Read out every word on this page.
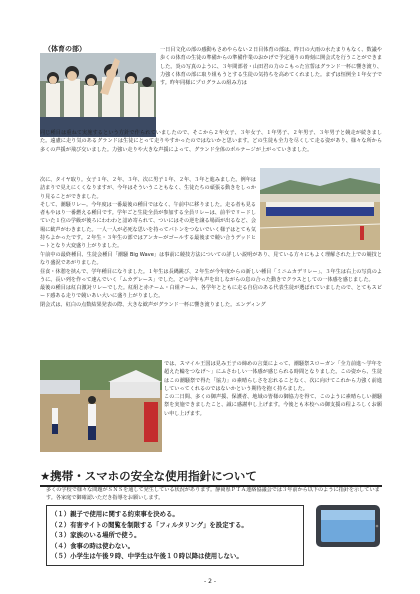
（体育の部）	一日目文化の部の感動もさめやらない２日目体育の部は、昨日の大雨の水たまりもなく、数議や歩くの体育の生徒の準備からの準備作業のおかげで予定通りの時刻に開会式を行うことができました。炎の写真のように、３年間部者・山田君の力のこもった宣誓はグランド一杯に響き渡り、力強く体育の部に取り組もうとする生徒の気持ちを高めてくれました。まずは恒例全１年女子です。昨年同様にプログラムの組み方は
同じ種目は重ねて実施するという方針で作られていましたので、そこから２年女子、３年女子、１年男子、２年男子、３年男子と競走が続きました。遠慮に走り気のあるグランドは生徒にとって走りやすかったのではないかと思います。どの生徒も全力を尽くして走る姿があり、様々な所から多くの声援が飛び交いました。力強い走りや大きな声援によって、グランド全体のボルテージが上がっていきました。
次に、タイヤ取り。女子１年、２年、３年、次に男子１年、２年、３年と進みました。例年は詰まりで見えにくくなりますが、今年はそういうこともなく、生徒たちの頑張る動きをしっかり見ることができました。
そして、潮騒リレー。今年度は一番最後の種目ではなく、午前中に移りました。走る者も見る者もやはり一番燃える種目です。学年ごと生徒全員が参加する全員リレーは、前半でリードしていた１位の学級が後ろにわわわと詰め寄られて、ついにはその逆を譲る場面が出るなど、会場に歓声がわきました。一人一人が必死な思いを持ってバトンをつないでいく様子はとても気持ちよかったです。２年生・３年生の部ではアンカーがゴールする最後まで競い合うデッドヒートとなり大変盛り上がりました。
午前中の最終種目、生徒会種目「潮騒 Big Wave」は事前に競技方法についての詳しい説明があり、見ている方々にもよく理解された上での競技となり盛況であがりました。
昼食・休憩を挟んで、学年種目になりました。１年生は長縄跳び、２年生が今年度からの新しい種目「ミニムカデリレー」、３年生は右上の写真のように、長い列を作って速んでいく「ムカデレース」でした。どの学年も声を出しながらの息の合った動きでクラスとしての一体感を感じました。
最後の種目は紅白激対リレーでした。紅組と赤チーム・白組チーム、各学年とともに走る自信のある代表生徒が選ばれていましたので、とてもスピード感ある走りで競いあい大いに盛り上がりました。
閉会式は、紅白の点数結果発表の際、大きな歓声がグランド一杯に響き渡りました。エンディング
では、スマイル王国は見み王子の締めの言葉によって、潮騒祭スローガン「全力前進～学年を超えた輪をつなげ～」にふさわしい一体感が感じられる時間となりました。この姿から、生徒はこの潮騒祭で得た「協力」の素晴らしさを忘れることなく、次に向けてこれから力強く前進していってくれるのではないかという期待を抱く持ちました。
この二日間、多くの御声援、保護者、地域の皆様の御協力を得て、このように素晴らしい潮騒祭を実施できましたこと、誠に感謝申し上げます。今後とも本校への御支援の程よろしくお願い申し上げます。
★携帯・スマホの安全な使用指針について
多くの学校で様々な問題がＳＮＳを通して発生している状況があります。静岡県ＰＴＡ連絡協議会では３年前から以下のように指針を示しています。各家庭で御確認いただき指導をお願いします。
（１）親子で使用に関する約束事を決める。
（２）有害サイトの閲覧を制限する「フィルタリング」を設定する。
（３）家族のいる場所で使う。
（４）食事の時は使わない。
（５）小学生は午後９時、中学生は午後１０時以降は使用しない。
- 2 -
